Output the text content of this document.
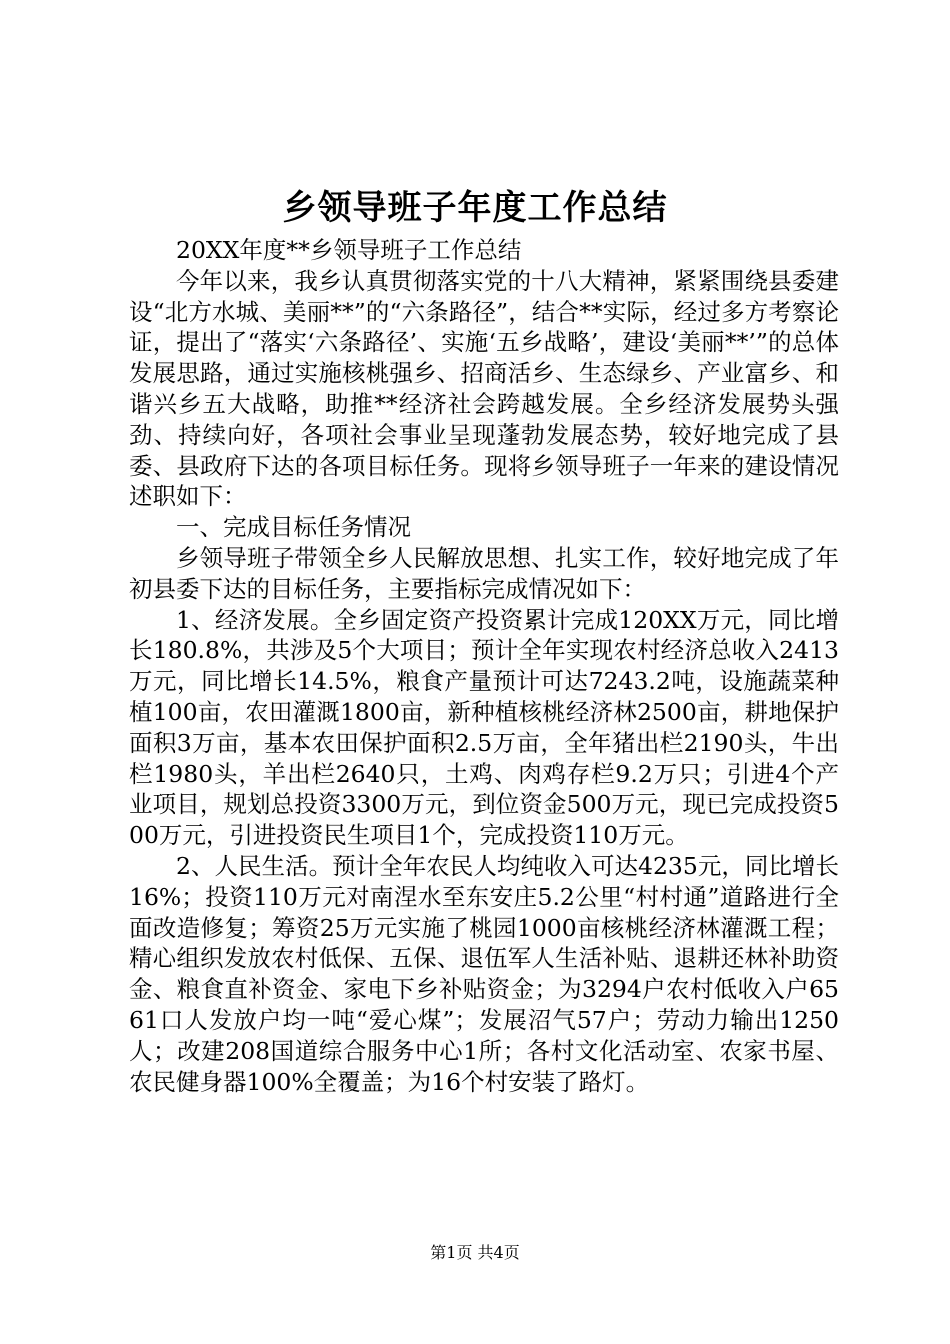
乡领导班子年度工作总结

20XX年度**乡领导班子工作总结

今年以来，我乡认真贯彻落实党的十八大精神，紧紧围绕县委建设“北方水城、美丽**”的“六条路径”，结合**实际，经过多方考察论证，提出了“落实‘六条路径’、实施‘五乡战略’，建设‘美丽**’”的总体发展思路，通过实施核桃强乡、招商活乡、生态绿乡、产业富乡、和谐兴乡五大战略，助推**经济社会跨越发展。全乡经济发展势头强劲、持续向好，各项社会事业呈现蓬勃发展态势，较好地完成了县委、县政府下达的各项目标任务。现将乡领导班子一年来的建设情况述职如下：

一、完成目标任务情况

乡领导班子带领全乡人民解放思想、扎实工作，较好地完成了年初县委下达的目标任务，主要指标完成情况如下：

1、经济发展。全乡固定资产投资累计完成120XX万元，同比增长180.8%，共涉及5个大项目；预计全年实现农村经济总收入2413万元，同比增长14.5%，粮食产量预计可达7243.2吨，设施蔬菜种植100亩，农田灌溉1800亩，新种植核桃经济林2500亩，耕地保护面积3万亩，基本农田保护面积2.5万亩，全年猪出栏2190头，牛出栏1980头，羊出栏2640只，土鸡、肉鸡存栏9.2万只；引进4个产业项目，规划总投资3300万元，到位资金500万元，现已完成投资500万元，引进投资民生项目1个，完成投资110万元。

2、人民生活。预计全年农民人均纯收入可达4235元，同比增长16%；投资110万元对南涅水至东安庄5.2公里“村村通”道路进行全面改造修复；筹资25万元实施了桃园1000亩核桃经济林灌溉工程；精心组织发放农村低保、五保、退伍军人生活补贴、退耕还林补助资金、粮食直补资金、家电下乡补贴资金；为3294户农村低收入户6561口人发放户均一吨“爱心煤”；发展沼气57户；劳动力输出1250人；改建208国道综合服务中心1所；各村文化活动室、农家书屋、农民健身器100%全覆盖；为16个村安装了路灯。

第1页 共4页
